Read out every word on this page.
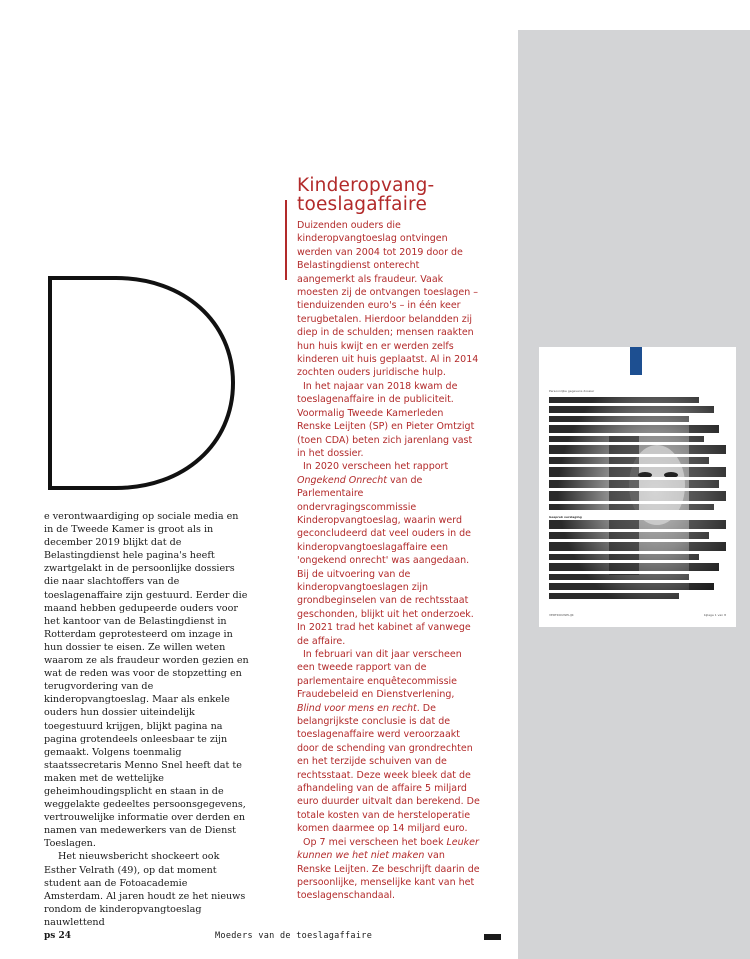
e verontwaardiging op sociale media en in de Tweede Kamer is groot als in december 2019 blijkt dat de Belastingdienst hele pagina's heeft zwartgelakt in de persoonlijke dossiers die naar slachtoffers van de toeslagenaffaire zijn gestuurd. Eerder die maand hebben gedupeerde ouders voor het kantoor van de Belastingdienst in Rotterdam geprotesteerd om inzage in hun dossier te eisen. Ze willen weten waarom ze als fraudeur worden gezien en wat de reden was voor de stopzetting en terugvordering van de kinderopvangtoeslag. Maar als enkele ouders hun dossier uiteindelijk toegestuurd krijgen, blijkt pagina na pagina grotendeels onleesbaar te zijn gemaakt. Volgens toenmalig staatssecretaris Menno Snel heeft dat te maken met de wettelijke geheimhoudingsplicht en staan in de weggelakte gedeeltes persoonsgegevens, vertrouwelijke informatie over derden en namen van medewerkers van de Dienst Toeslagen.

Het nieuwsbericht shockeert ook Esther Velrath (49), op dat moment student aan de Fotoacademie Amsterdam. Al jaren houdt ze het nieuws rondom de kinderopvangtoeslag nauwlettend

Kinderopvang-
toeslagaffaire

Duizenden ouders die kinderopvangtoeslag ontvingen werden van 2004 tot 2019 door de Belastingdienst onterecht aangemerkt als fraudeur. Vaak moesten zij de ontvangen toeslagen – tienduizenden euro's – in één keer terugbetalen. Hierdoor belandden zij diep in de schulden; mensen raakten hun huis kwijt en er werden zelfs kinderen uit huis geplaatst. Al in 2014 zochten ouders juridische hulp.

In het najaar van 2018 kwam de toeslagenaffaire in de publiciteit. Voormalig Tweede Kamerleden Renske Leijten (SP) en Pieter Omtzigt (toen CDA) beten zich jarenlang vast in het dossier.

In 2020 verscheen het rapport Ongekend Onrecht van de Parlementaire ondervragingscommissie Kinderopvangtoeslag, waarin werd geconcludeerd dat veel ouders in de kinderopvangtoeslagaffaire een 'ongekend onrecht' was aangedaan. Bij de uitvoering van de kinderopvangtoeslagen zijn grondbeginselen van de rechtsstaat geschonden, blijkt uit het onderzoek. In 2021 trad het kabinet af vanwege de affaire.

In februari van dit jaar verscheen een tweede rapport van de parlementaire enquêtecommissie Fraudebeleid en Dienstverlening, Blind voor mens en recht. De belangrijkste conclusie is dat de toeslagenaffaire werd veroorzaakt door de schending van grondrechten en het terzijde schuiven van de rechtsstaat. Deze week bleek dat de afhandeling van de affaire 5 miljard euro duurder uitvalt dan berekend. De totale kosten van de hersteloperatie komen daarmee op 14 miljard euro.

Op 7 mei verscheen het boek Leuker kunnen we het niet maken van Renske Leijten. Ze beschrijft daarin de persoonlijke, menselijke kant van het toeslagenschandaal.

Persoonlijke gegevens dossier
Gesprek verslaging
VERTROUWELIJK	bijlage 1 van 8
ps 24	Moeders van de toeslagaffaire
